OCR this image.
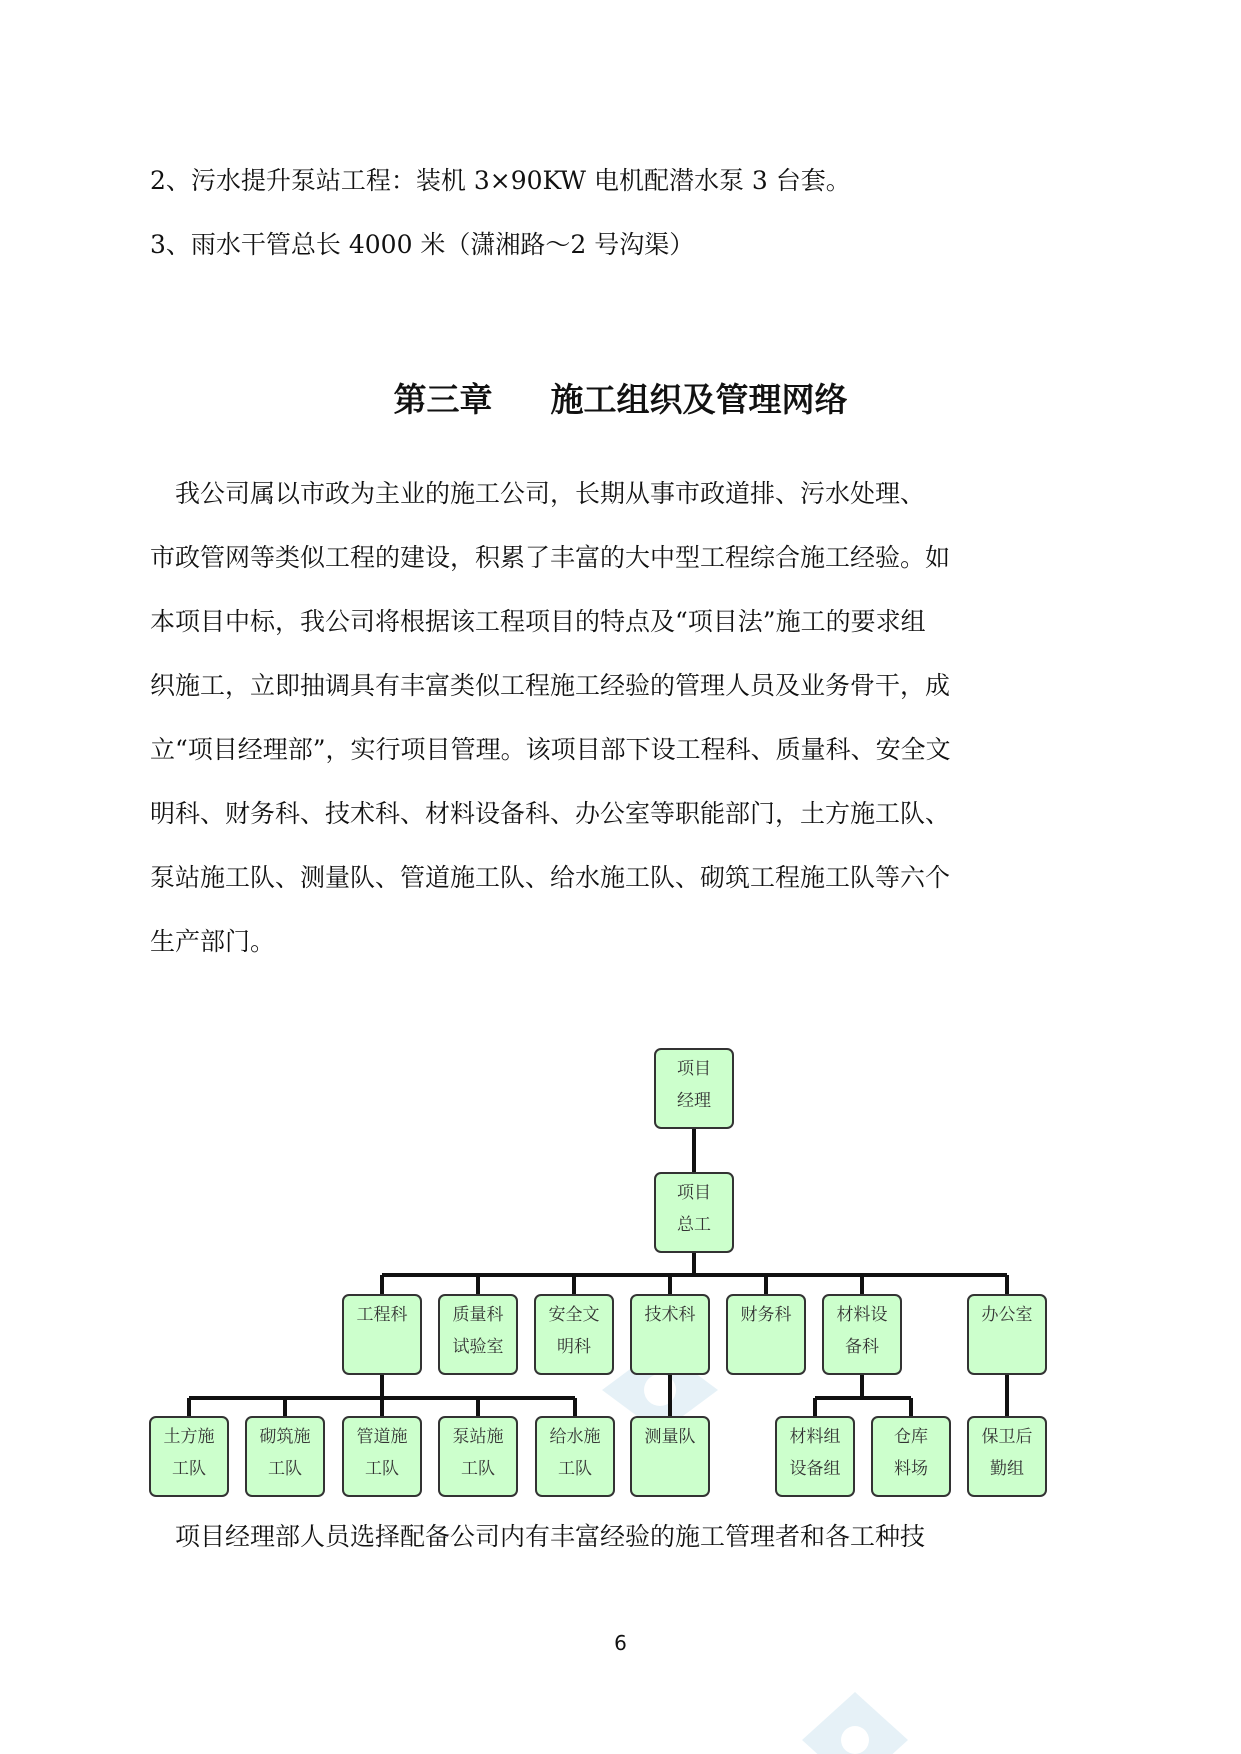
2、污水提升泵站工程：装机 3×90KW 电机配潜水泵 3 台套。
3、雨水干管总长 4000 米（潇湘路～2 号沟渠）
第三章 施工组织及管理网络
　我公司属以市政为主业的施工公司，长期从事市政道排、污水处理、
市政管网等类似工程的建设，积累了丰富的大中型工程综合施工经验。如
本项目中标，我公司将根据该工程项目的特点及“项目法”施工的要求组
织施工，立即抽调具有丰富类似工程施工经验的管理人员及业务骨干，成
立“项目经理部”，实行项目管理。该项目部下设工程科、质量科、安全文
明科、财务科、技术科、材料设备科、办公室等职能部门，土方施工队、
泵站施工队、测量队、管道施工队、给水施工队、砌筑工程施工队等六个
生产部门。
项目
经理
项目
总工
工程科	质量科
试验室
安全文
明科
技术科	财务科	材料设
备科
办公室
土方施
工队
砌筑施
工队
管道施
工队
泵站施
工队
给水施
工队
测量队	材料组
设备组
仓库
料场
保卫后
勤组
　项目经理部人员选择配备公司内有丰富经验的施工管理者和各工种技
6
